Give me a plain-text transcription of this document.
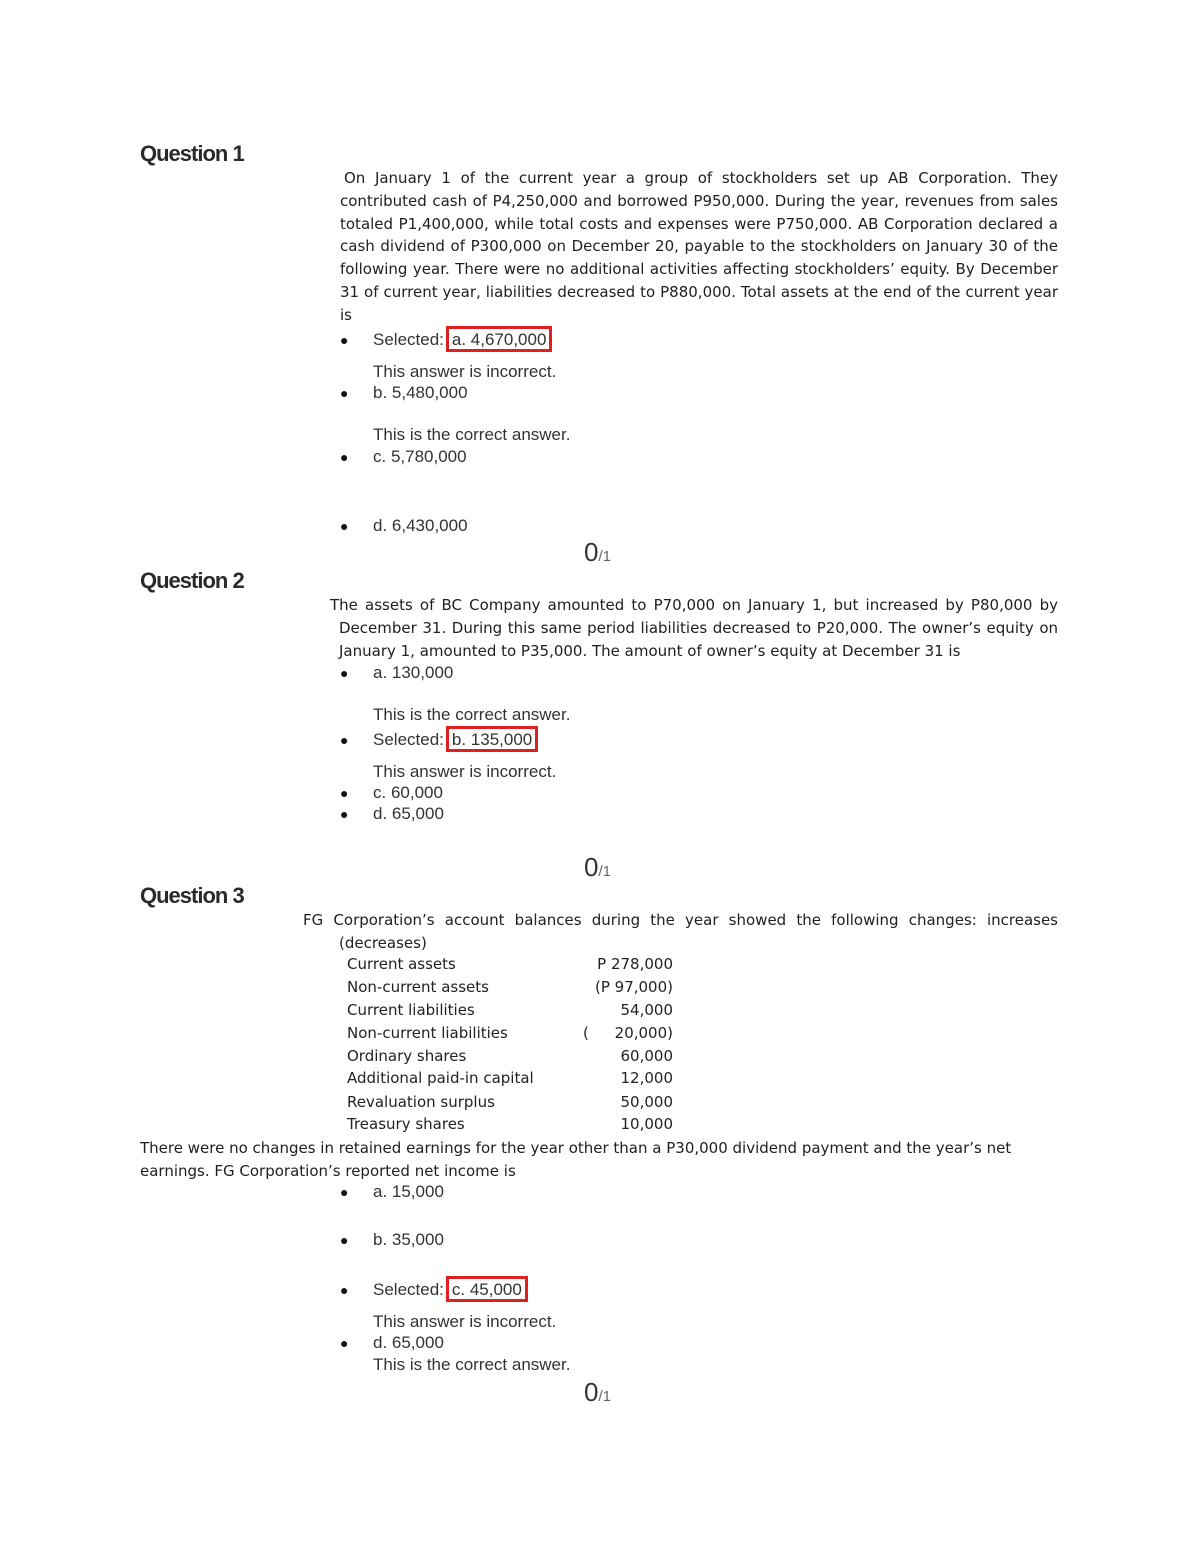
Question 1
On January 1 of the current year a group of stockholders set up AB Corporation. They contributed cash of P4,250,000 and borrowed P950,000. During the year, revenues from sales totaled P1,400,000, while total costs and expenses were P750,000. AB Corporation declared a cash dividend of P300,000 on December 20, payable to the stockholders on January 30 of the following year. There were no additional activities affecting stockholders’ equity. By December 31 of current year, liabilities decreased to P880,000. Total assets at the end of the current year is
● Selected: a. 4,670,000
This answer is incorrect.
● b. 5,480,000
This is the correct answer.
● c. 5,780,000
● d. 6,430,000
0/1
Question 2
The assets of BC Company amounted to P70,000 on January 1, but increased by P80,000 by December 31. During this same period liabilities decreased to P20,000. The owner’s equity on January 1, amounted to P35,000. The amount of owner’s equity at December 31 is
● a. 130,000
This is the correct answer.
● Selected: b. 135,000
This answer is incorrect.
● c. 60,000
● d. 65,000
0/1
Question 3
FG Corporation’s account balances during the year showed the following changes: increases (decreases)
Current assets	P 278,000
Non-current assets	(P 97,000)
Current liabilities	54,000
Non-current liabilities	(	20,000)
Ordinary shares	60,000
Additional paid-in capital	12,000
Revaluation surplus	50,000
Treasury shares	10,000
There were no changes in retained earnings for the year other than a P30,000 dividend payment and the year’s net earnings. FG Corporation’s reported net income is
● a. 15,000
● b. 35,000
● Selected: c. 45,000
This answer is incorrect.
● d. 65,000
This is the correct answer.
0/1
